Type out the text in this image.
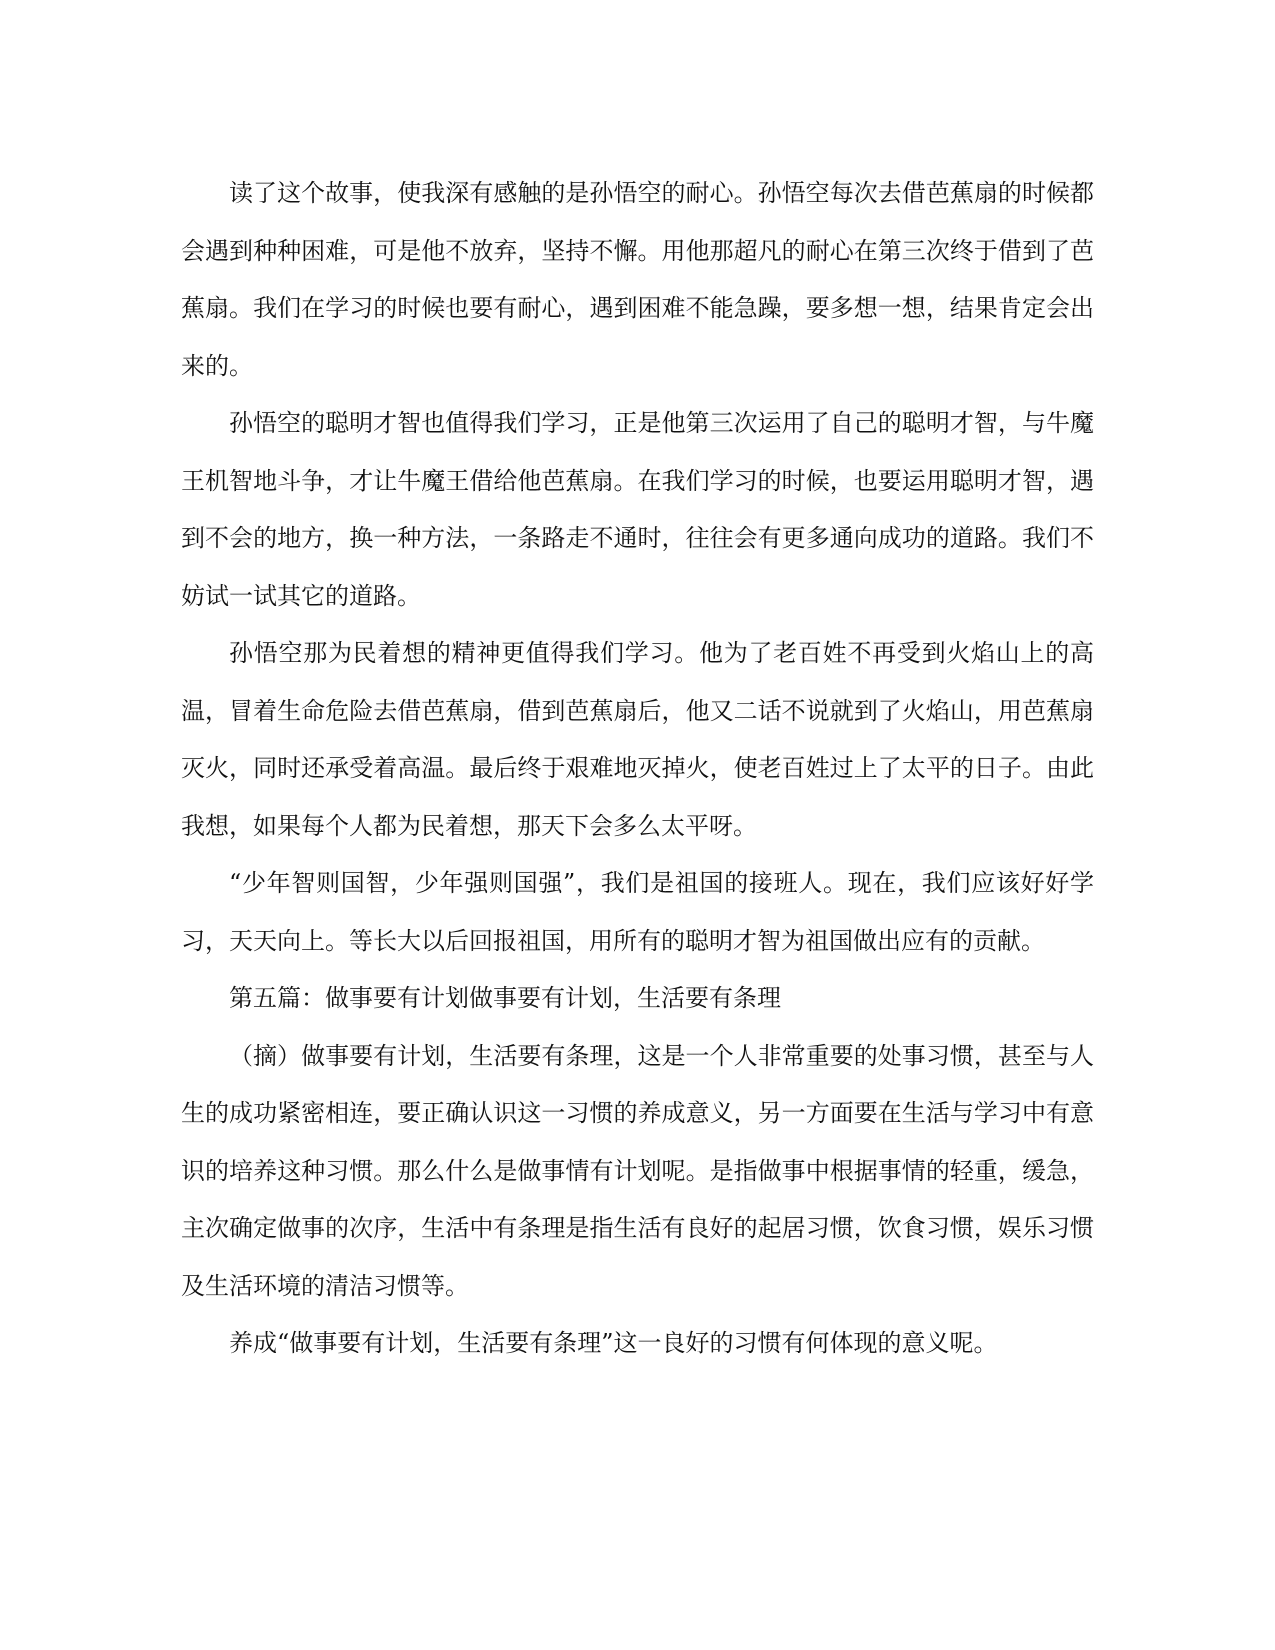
读了这个故事，使我深有感触的是孙悟空的耐心。孙悟空每次去借芭蕉扇的时候都会遇到种种困难，可是他不放弃，坚持不懈。用他那超凡的耐心在第三次终于借到了芭蕉扇。我们在学习的时候也要有耐心，遇到困难不能急躁，要多想一想，结果肯定会出来的。

孙悟空的聪明才智也值得我们学习，正是他第三次运用了自己的聪明才智，与牛魔王机智地斗争，才让牛魔王借给他芭蕉扇。在我们学习的时候，也要运用聪明才智，遇到不会的地方，换一种方法，一条路走不通时，往往会有更多通向成功的道路。我们不妨试一试其它的道路。

孙悟空那为民着想的精神更值得我们学习。他为了老百姓不再受到火焰山上的高温，冒着生命危险去借芭蕉扇，借到芭蕉扇后，他又二话不说就到了火焰山，用芭蕉扇灭火，同时还承受着高温。最后终于艰难地灭掉火，使老百姓过上了太平的日子。由此我想，如果每个人都为民着想，那天下会多么太平呀。

“少年智则国智，少年强则国强”，我们是祖国的接班人。现在，我们应该好好学习，天天向上。等长大以后回报祖国，用所有的聪明才智为祖国做出应有的贡献。

第五篇：做事要有计划做事要有计划，生活要有条理

（摘）做事要有计划，生活要有条理，这是一个人非常重要的处事习惯，甚至与人生的成功紧密相连，要正确认识这一习惯的养成意义，另一方面要在生活与学习中有意识的培养这种习惯。那么什么是做事情有计划呢。是指做事中根据事情的轻重，缓急，主次确定做事的次序，生活中有条理是指生活有良好的起居习惯，饮食习惯，娱乐习惯及生活环境的清洁习惯等。

养成“做事要有计划，生活要有条理”这一良好的习惯有何体现的意义呢。
